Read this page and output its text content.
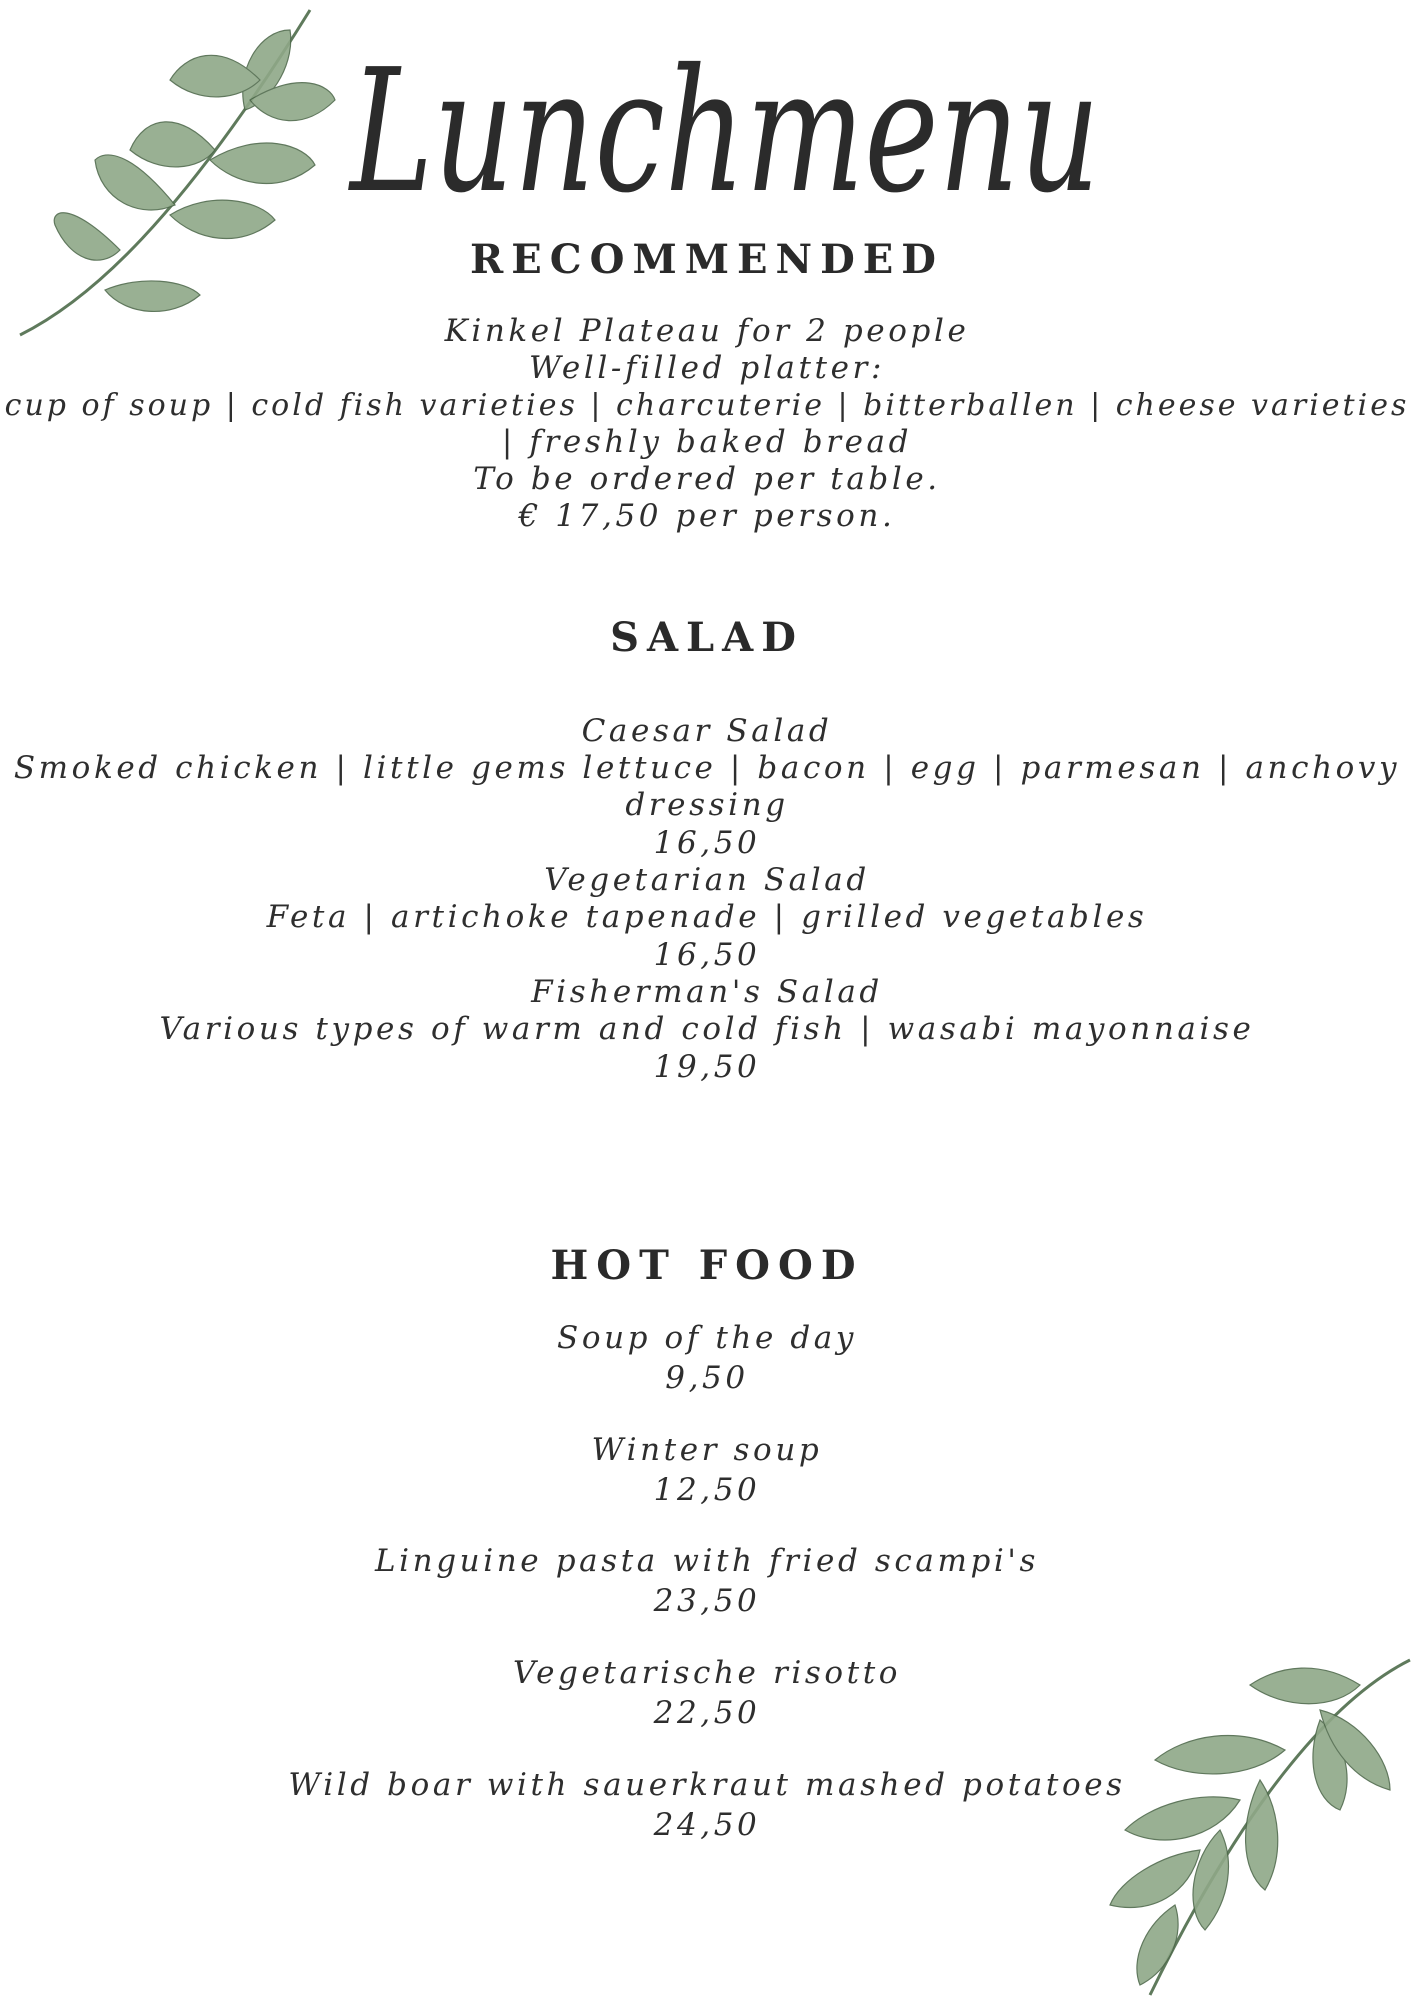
Lunchmenu
RECOMMENDED
Kinkel Plateau for 2 people
Well-filled platter:
cup of soup | cold fish varieties | charcuterie | bitterballen | cheese varieties
| freshly baked bread
To be ordered per table.
€ 17,50 per person.
SALAD
Caesar Salad
Smoked chicken | little gems lettuce | bacon | egg | parmesan | anchovy
dressing
16,50
Vegetarian Salad
Feta | artichoke tapenade | grilled vegetables
16,50
Fisherman's Salad
Various types of warm and cold fish | wasabi mayonnaise
19,50
HOT FOOD
Soup of the day
9,50
Winter soup
12,50
Linguine pasta with fried scampi's
23,50
Vegetarische risotto
22,50
Wild boar with sauerkraut mashed potatoes
24,50
